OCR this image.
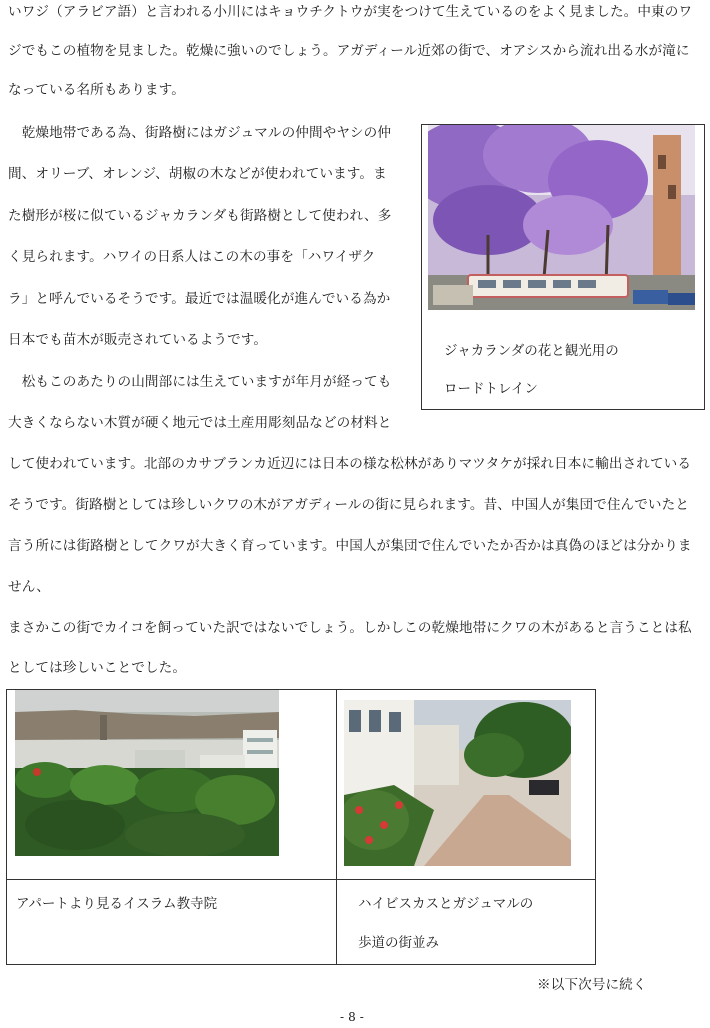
いワジ（アラビア語）と言われる小川にはキョウチクトウが実をつけて生えているのをよく見ました。中東のワ
ジでもこの植物を見ました。乾燥に強いのでしょう。アガディール近郊の街で、オアシスから流れ出る水が滝に
なっている名所もあります。
　乾燥地帯である為、街路樹にはガジュマルの仲間やヤシの仲
間、オリーブ、オレンジ、胡椒の木などが使われています。ま
た樹形が桜に似ているジャカランダも街路樹として使われ、多
く見られます。ハワイの日系人はこの木の事を「ハワイザク
ラ」と呼んでいるそうです。最近では温暖化が進んでいる為か
日本でも苗木が販売されているようです。
　松もこのあたりの山間部には生えていますが年月が経っても
大きくならない木質が硬く地元では土産用彫刻品などの材料と
して使われています。北部のカサブランカ近辺には日本の様な松林がありマツタケが採れ日本に輸出されている
そうです。街路樹としては珍しいクワの木がアガディールの街に見られます。昔、中国人が集団で住んでいたと
言う所には街路樹としてクワが大きく育っています。中国人が集団で住んでいたか否かは真偽のほどは分かりま
せん、
まさかこの街でカイコを飼っていた訳ではないでしょう。しかしこの乾燥地帯にクワの木があると言うことは私
としては珍しいことでした。
ジャカランダの花と観光用の
ロードトレイン
アパートより見るイスラム教寺院	ハイビスカスとガジュマルの
歩道の街並み
※以下次号に続く
- 8 -
